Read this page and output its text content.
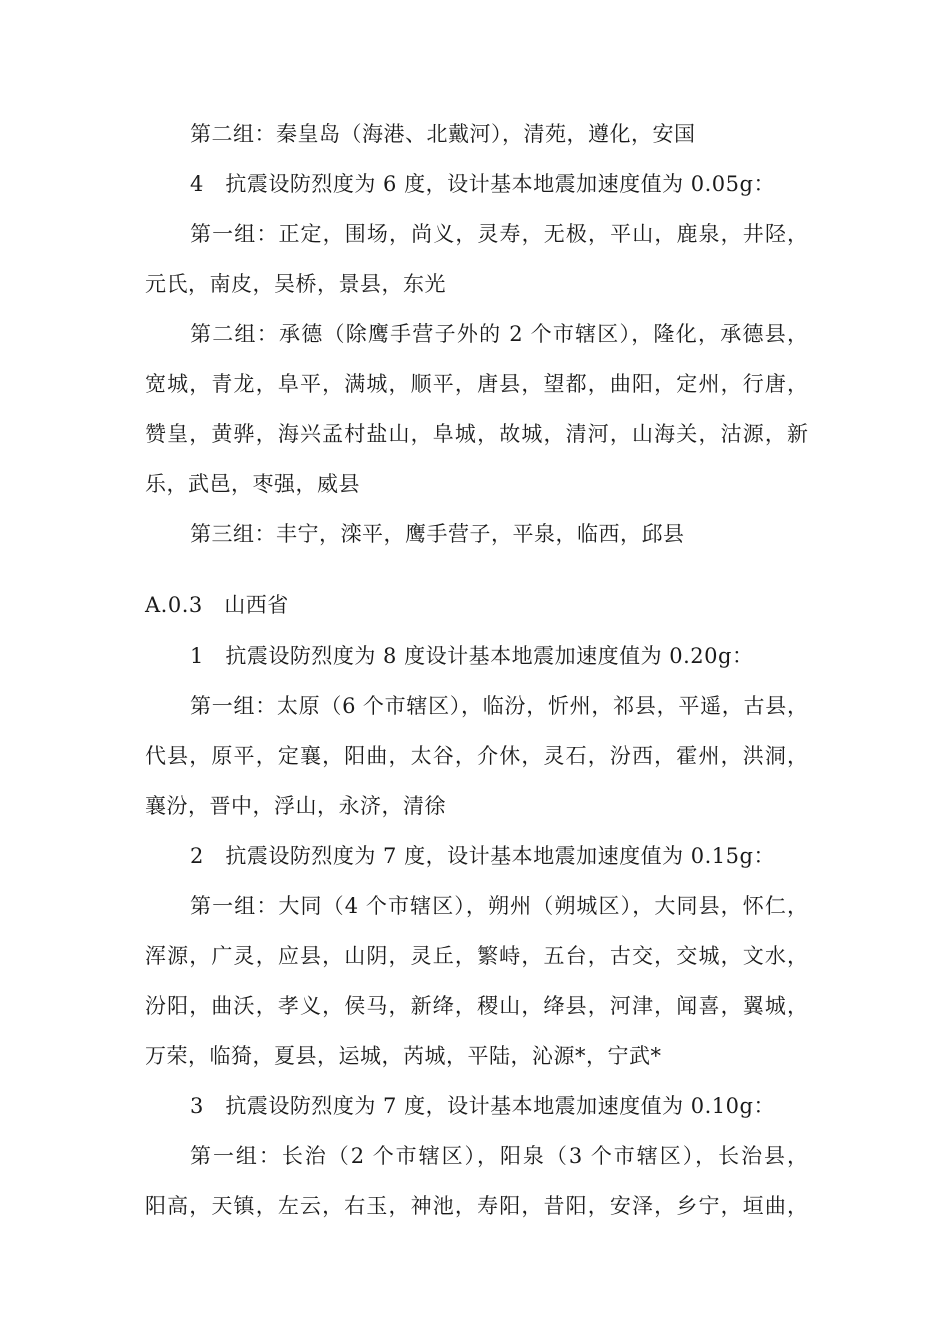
第二组：秦皇岛（海港、北戴河），清苑，遵化，安国
4　抗震设防烈度为 6 度，设计基本地震加速度值为 0.05g：
第一组：正定，围场，尚义，灵寿，无极，平山，鹿泉，井陉，
元氏，南皮，吴桥，景县，东光
第二组：承德（除鹰手营子外的 2 个市辖区），隆化，承德县，
宽城，青龙，阜平，满城，顺平，唐县，望都，曲阳，定州，行唐，
赞皇，黄骅，海兴孟村盐山，阜城，故城，清河，山海关，沽源，新
乐，武邑，枣强，威县
第三组：丰宁，滦平，鹰手营子，平泉，临西，邱县
A.0.3　山西省
1　抗震设防烈度为 8 度设计基本地震加速度值为 0.20g：
第一组：太原（6 个市辖区），临汾，忻州，祁县，平遥，古县，
代县，原平，定襄，阳曲，太谷，介休，灵石，汾西，霍州，洪洞，
襄汾，晋中，浮山，永济，清徐
2　抗震设防烈度为 7 度，设计基本地震加速度值为 0.15g：
第一组：大同（4 个市辖区），朔州（朔城区），大同县，怀仁，
浑源，广灵，应县，山阴，灵丘，繁峙，五台，古交，交城，文水，
汾阳，曲沃，孝义，侯马，新绛，稷山，绛县，河津，闻喜，翼城，
万荣，临猗，夏县，运城，芮城，平陆，沁源*，宁武*
3　抗震设防烈度为 7 度，设计基本地震加速度值为 0.10g：
第一组：长治（2 个市辖区），阳泉（3 个市辖区），长治县，
阳高，天镇，左云，右玉，神池，寿阳，昔阳，安泽，乡宁，垣曲，
